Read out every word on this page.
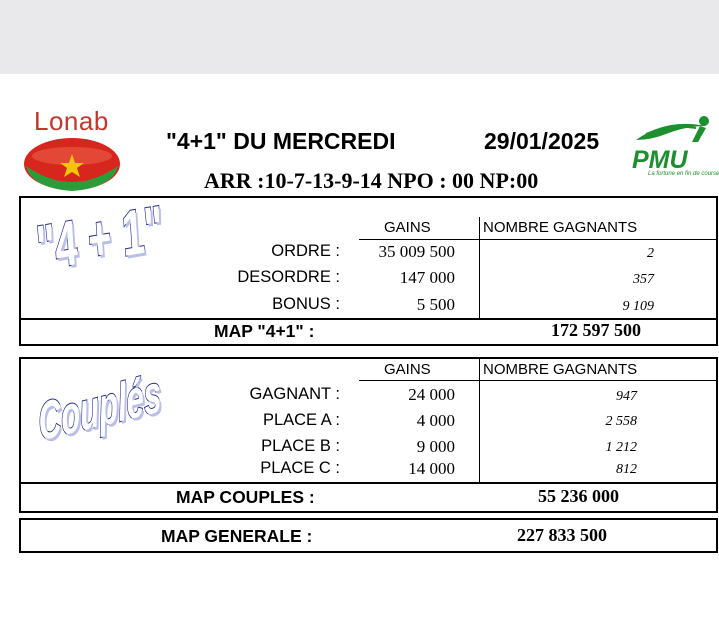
Lonab
"4+1" DU MERCREDI	29/01/2025
ARR :10-7-13-9-14 NPO : 00 NP:00
PMU
La fortune en fin de course
"4 + 1"	GAINS	NOMBRE GAGNANTS
ORDRE :	35 009 500	2
DESORDRE :	147 000	357
BONUS :	5 500	9 109
MAP "4+1" :	172 597 500
Couplés	GAINS	NOMBRE GAGNANTS
GAGNANT :	24 000	947
PLACE A :	4 000	2 558
PLACE B :	9 000	1 212
PLACE C :	14 000	812
MAP COUPLES :	55 236 000
MAP GENERALE :	227 833 500
